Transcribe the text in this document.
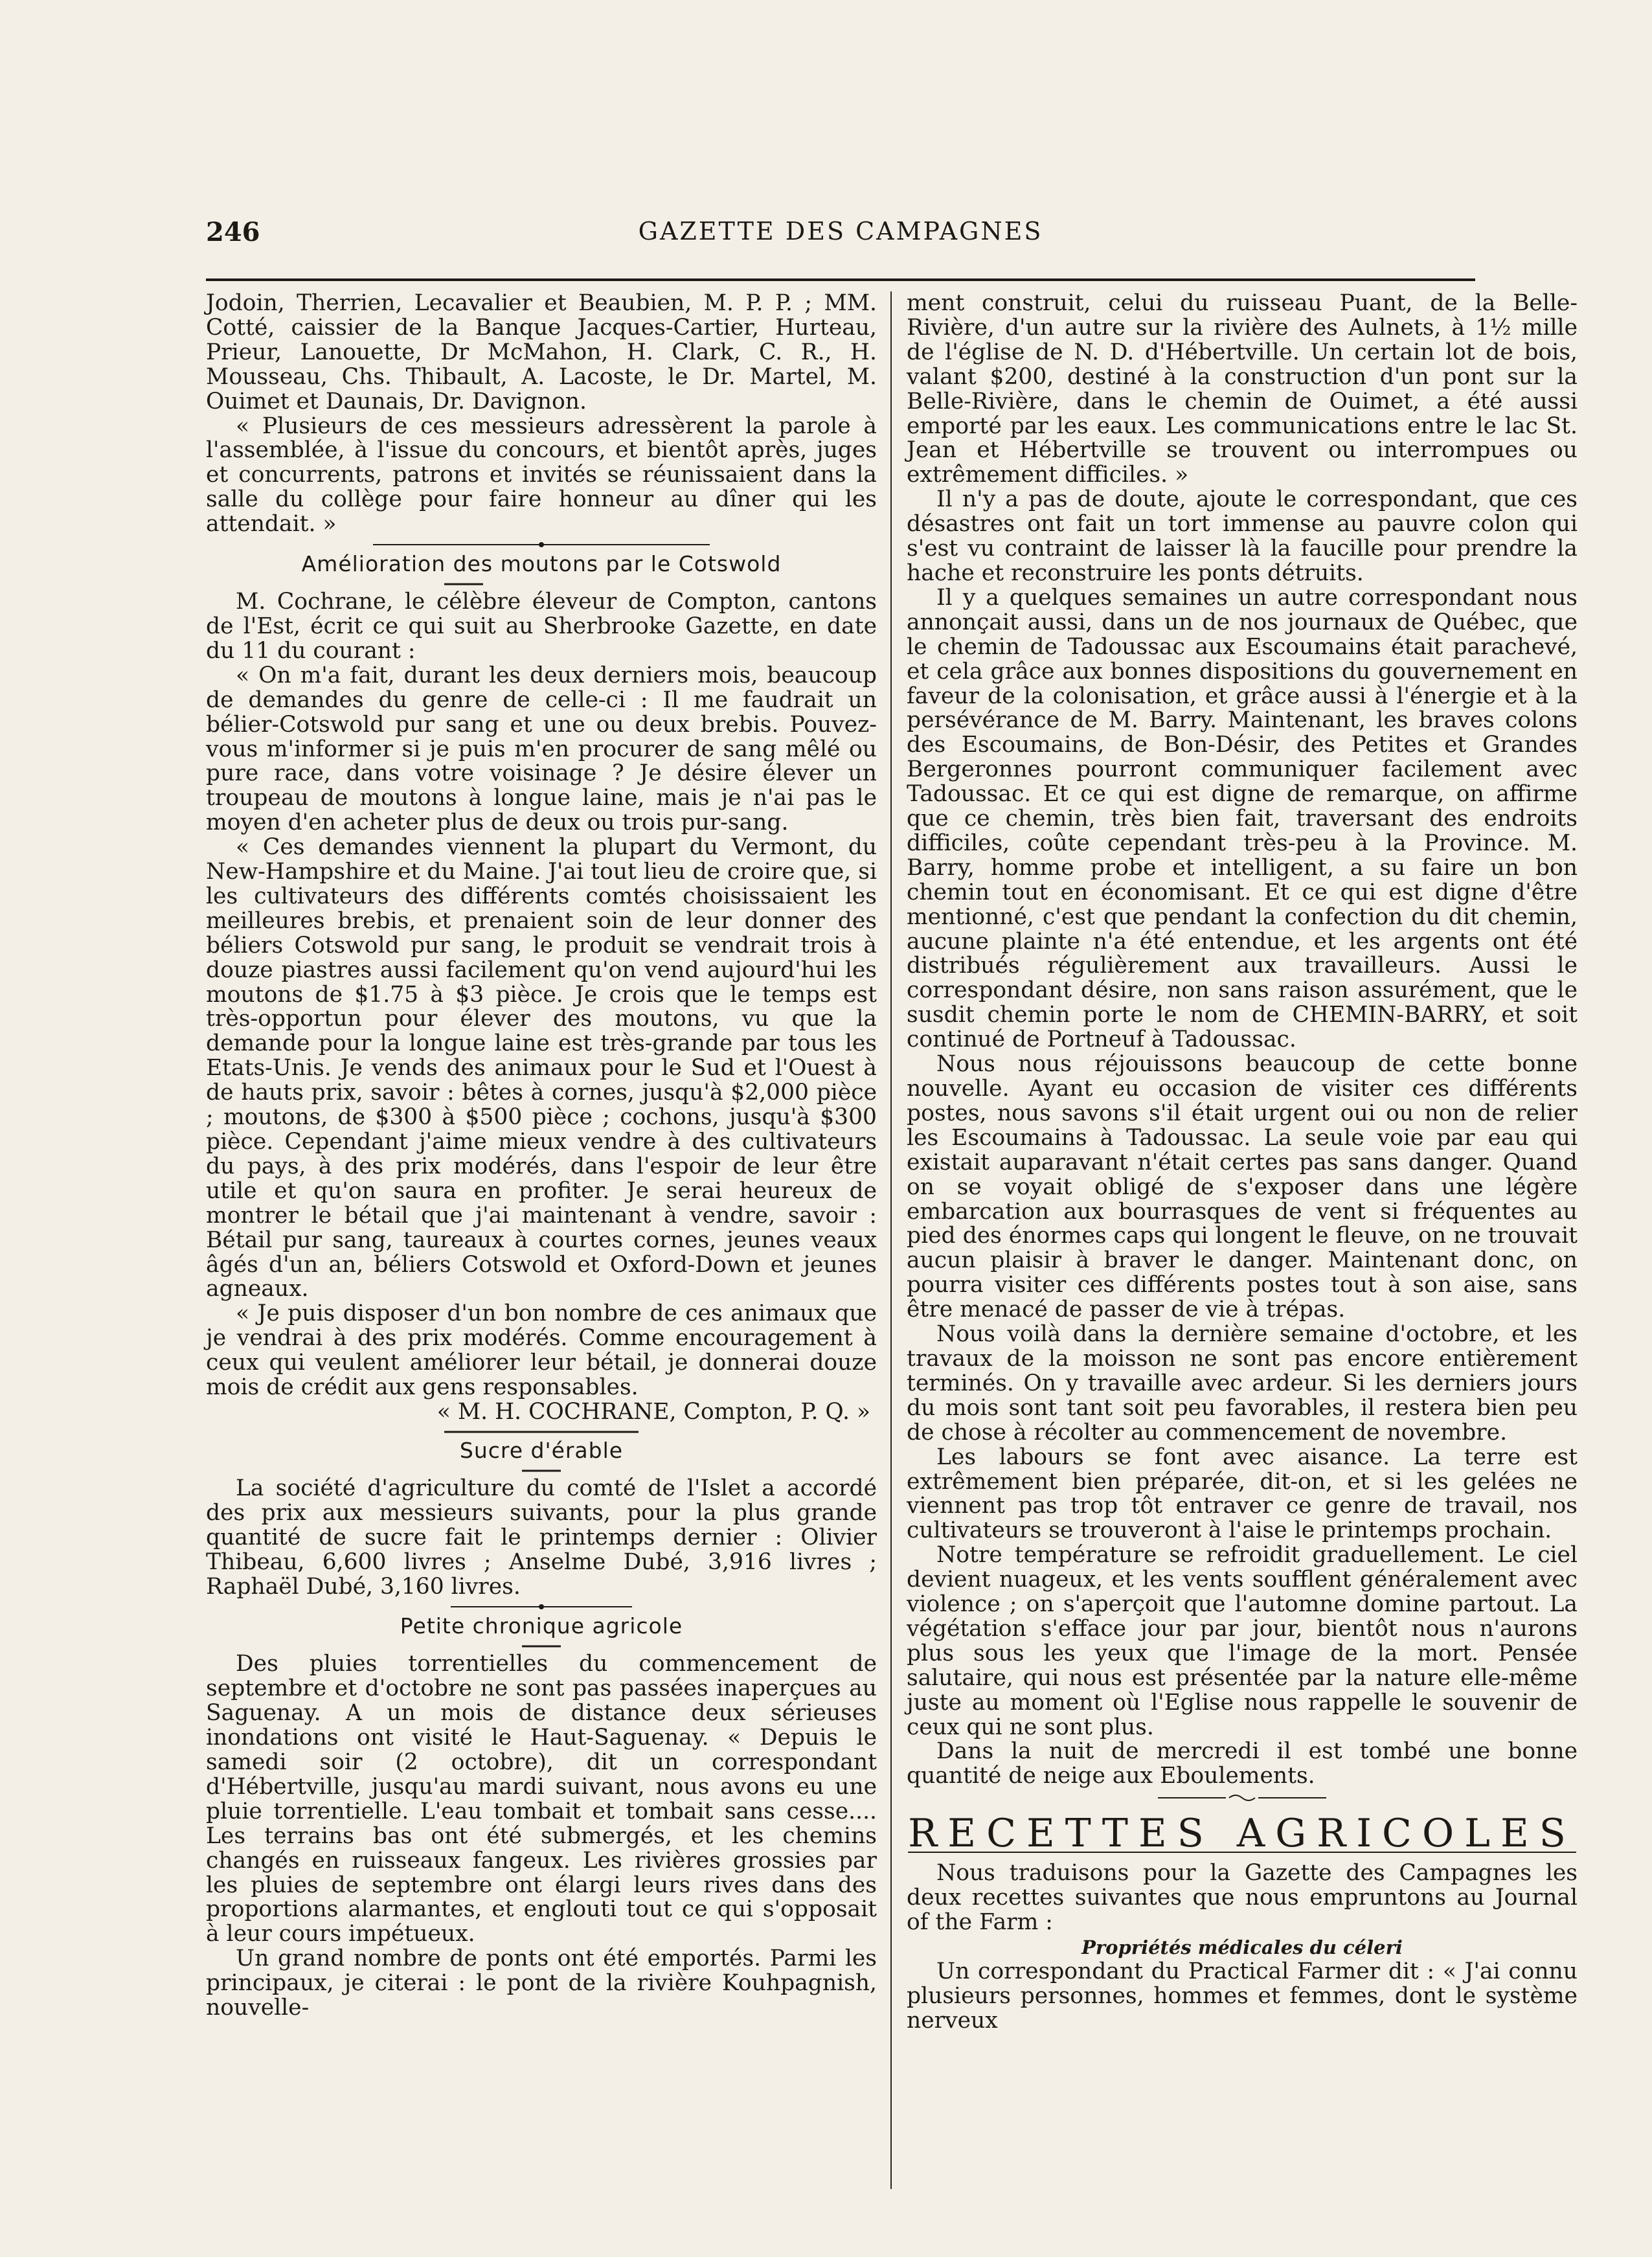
246	GAZETTE DES CAMPAGNES

Jodoin, Therrien, Lecavalier et Beaubien, M. P. P. ; MM. Cotté, caissier de la Banque Jacques-Cartier, Hurteau, Prieur, Lanouette, Dr McMahon, H. Clark, C. R., H. Mousseau, Chs. Thibault, A. Lacoste, le Dr. Martel, M. Ouimet et Daunais, Dr. Davignon.

« Plusieurs de ces messieurs adressèrent la parole à l'assemblée, à l'issue du concours, et bientôt après, juges et concurrents, patrons et invités se réunissaient dans la salle du collège pour faire honneur au dîner qui les attendait. »

Amélioration des moutons par le Cotswold

M. Cochrane, le célèbre éleveur de Compton, cantons de l'Est, écrit ce qui suit au Sherbrooke Gazette, en date du 11 du courant :

« On m'a fait, durant les deux derniers mois, beaucoup de demandes du genre de celle-ci : Il me faudrait un bélier-Cotswold pur sang et une ou deux brebis. Pouvez-vous m'informer si je puis m'en procurer de sang mêlé ou pure race, dans votre voisinage ? Je désire élever un troupeau de moutons à longue laine, mais je n'ai pas le moyen d'en acheter plus de deux ou trois pur-sang.

« Ces demandes viennent la plupart du Vermont, du New-Hampshire et du Maine. J'ai tout lieu de croire que, si les cultivateurs des différents comtés choisissaient les meilleures brebis, et prenaient soin de leur donner des béliers Cotswold pur sang, le produit se vendrait trois à douze piastres aussi facilement qu'on vend aujourd'hui les moutons de $1.75 à $3 pièce. Je crois que le temps est très-opportun pour élever des moutons, vu que la demande pour la longue laine est très-grande par tous les Etats-Unis. Je vends des animaux pour le Sud et l'Ouest à de hauts prix, savoir : bêtes à cornes, jusqu'à $2,000 pièce ; moutons, de $300 à $500 pièce ; cochons, jusqu'à $300 pièce. Cependant j'aime mieux vendre à des cultivateurs du pays, à des prix modérés, dans l'espoir de leur être utile et qu'on saura en profiter. Je serai heureux de montrer le bétail que j'ai maintenant à vendre, savoir : Bétail pur sang, taureaux à courtes cornes, jeunes veaux âgés d'un an, béliers Cotswold et Oxford-Down et jeunes agneaux.

« Je puis disposer d'un bon nombre de ces animaux que je vendrai à des prix modérés. Comme encouragement à ceux qui veulent améliorer leur bétail, je donnerai douze mois de crédit aux gens responsables.

« M. H. COCHRANE, Compton, P. Q. »

Sucre d'érable

La société d'agriculture du comté de l'Islet a accordé des prix aux messieurs suivants, pour la plus grande quantité de sucre fait le printemps dernier : Olivier Thibeau, 6,600 livres ; Anselme Dubé, 3,916 livres ; Raphaël Dubé, 3,160 livres.

Petite chronique agricole

Des pluies torrentielles du commencement de septembre et d'octobre ne sont pas passées inaperçues au Saguenay. A un mois de distance deux sérieuses inondations ont visité le Haut-Saguenay. « Depuis le samedi soir (2 octobre), dit un correspondant d'Hébertville, jusqu'au mardi suivant, nous avons eu une pluie torrentielle. L'eau tombait et tombait sans cesse.... Les terrains bas ont été submergés, et les chemins changés en ruisseaux fangeux. Les rivières grossies par les pluies de septembre ont élargi leurs rives dans des proportions alarmantes, et englouti tout ce qui s'opposait à leur cours impétueux.

Un grand nombre de ponts ont été emportés. Parmi les principaux, je citerai : le pont de la rivière Kouhpagnish, nouvelle-

ment construit, celui du ruisseau Puant, de la Belle-Rivière, d'un autre sur la rivière des Aulnets, à 1½ mille de l'église de N. D. d'Hébertville. Un certain lot de bois, valant $200, destiné à la construction d'un pont sur la Belle-Rivière, dans le chemin de Ouimet, a été aussi emporté par les eaux. Les communications entre le lac St. Jean et Hébertville se trouvent ou interrompues ou extrêmement difficiles. »

Il n'y a pas de doute, ajoute le correspondant, que ces désastres ont fait un tort immense au pauvre colon qui s'est vu contraint de laisser là la faucille pour prendre la hache et reconstruire les ponts détruits.

Il y a quelques semaines un autre correspondant nous annonçait aussi, dans un de nos journaux de Québec, que le chemin de Tadoussac aux Escoumains était parachevé, et cela grâce aux bonnes dispositions du gouvernement en faveur de la colonisation, et grâce aussi à l'énergie et à la persévérance de M. Barry. Maintenant, les braves colons des Escoumains, de Bon-Désir, des Petites et Grandes Bergeronnes pourront communiquer facilement avec Tadoussac. Et ce qui est digne de remarque, on affirme que ce chemin, très bien fait, traversant des endroits difficiles, coûte cependant très-peu à la Province. M. Barry, homme probe et intelligent, a su faire un bon chemin tout en économisant. Et ce qui est digne d'être mentionné, c'est que pendant la confection du dit chemin, aucune plainte n'a été entendue, et les argents ont été distribués régulièrement aux travailleurs. Aussi le correspondant désire, non sans raison assurément, que le susdit chemin porte le nom de CHEMIN-BARRY, et soit continué de Portneuf à Tadoussac.

Nous nous réjouissons beaucoup de cette bonne nouvelle. Ayant eu occasion de visiter ces différents postes, nous savons s'il était urgent oui ou non de relier les Escoumains à Tadoussac. La seule voie par eau qui existait auparavant n'était certes pas sans danger. Quand on se voyait obligé de s'exposer dans une légère embarcation aux bourrasques de vent si fréquentes au pied des énormes caps qui longent le fleuve, on ne trouvait aucun plaisir à braver le danger. Maintenant donc, on pourra visiter ces différents postes tout à son aise, sans être menacé de passer de vie à trépas.

Nous voilà dans la dernière semaine d'octobre, et les travaux de la moisson ne sont pas encore entièrement terminés. On y travaille avec ardeur. Si les derniers jours du mois sont tant soit peu favorables, il restera bien peu de chose à récolter au commencement de novembre.

Les labours se font avec aisance. La terre est extrêmement bien préparée, dit-on, et si les gelées ne viennent pas trop tôt entraver ce genre de travail, nos cultivateurs se trouveront à l'aise le printemps prochain.

Notre température se refroidit graduellement. Le ciel devient nuageux, et les vents soufflent généralement avec violence ; on s'aperçoit que l'automne domine partout. La végétation s'efface jour par jour, bientôt nous n'aurons plus sous les yeux que l'image de la mort. Pensée salutaire, qui nous est présentée par la nature elle-même juste au moment où l'Eglise nous rappelle le souvenir de ceux qui ne sont plus.

Dans la nuit de mercredi il est tombé une bonne quantité de neige aux Eboulements.

RECETTES AGRICOLES

Nous traduisons pour la Gazette des Campagnes les deux recettes suivantes que nous empruntons au Journal of the Farm :

Propriétés médicales du céleri

Un correspondant du Practical Farmer dit : « J'ai connu plusieurs personnes, hommes et femmes, dont le système nerveux
